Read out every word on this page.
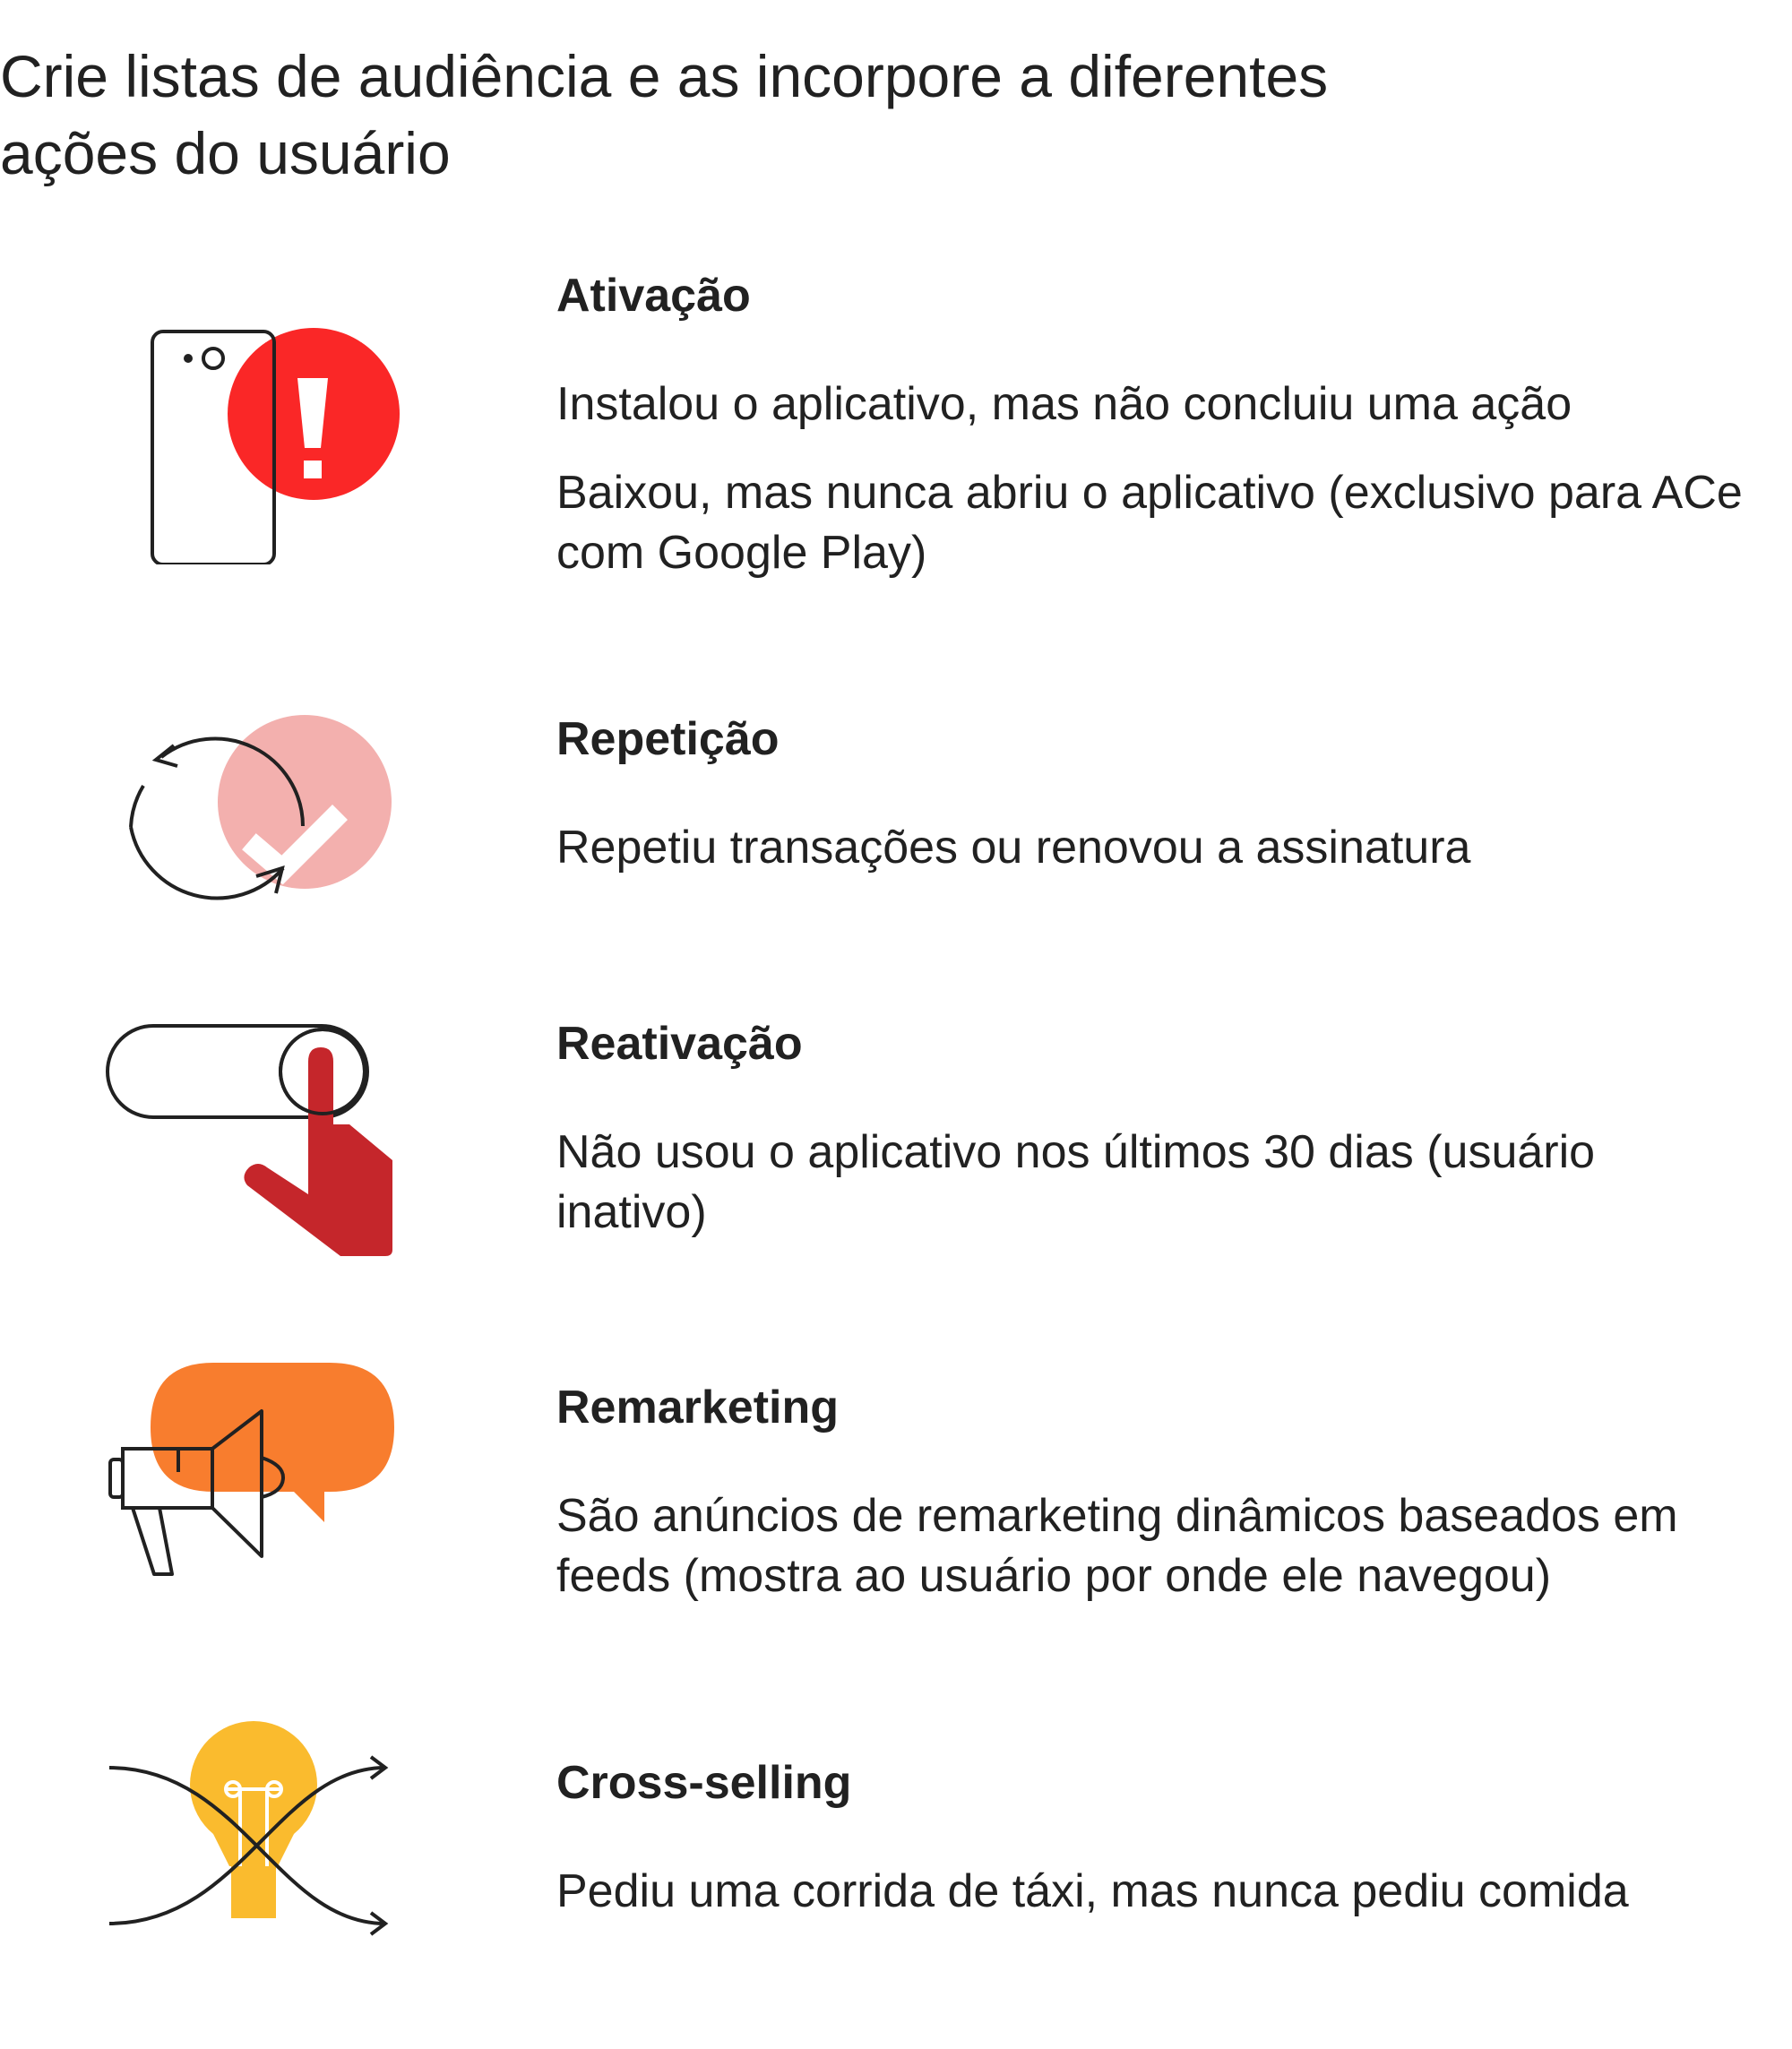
Crie listas de audiência e as incorpore a diferentes ações do usuário
Ativação

Instalou o aplicativo, mas não concluiu uma ação

Baixou, mas nunca abriu o aplicativo (exclusivo para ACe com Google Play)

Repetição

Repetiu transações ou renovou a assinatura

Reativação

Não usou o aplicativo nos últimos 30 dias (usuário inativo)

Remarketing

São anúncios de remarketing dinâmicos baseados em feeds (mostra ao usuário por onde ele navegou)

Cross-selling

Pediu uma corrida de táxi, mas nunca pediu comida
